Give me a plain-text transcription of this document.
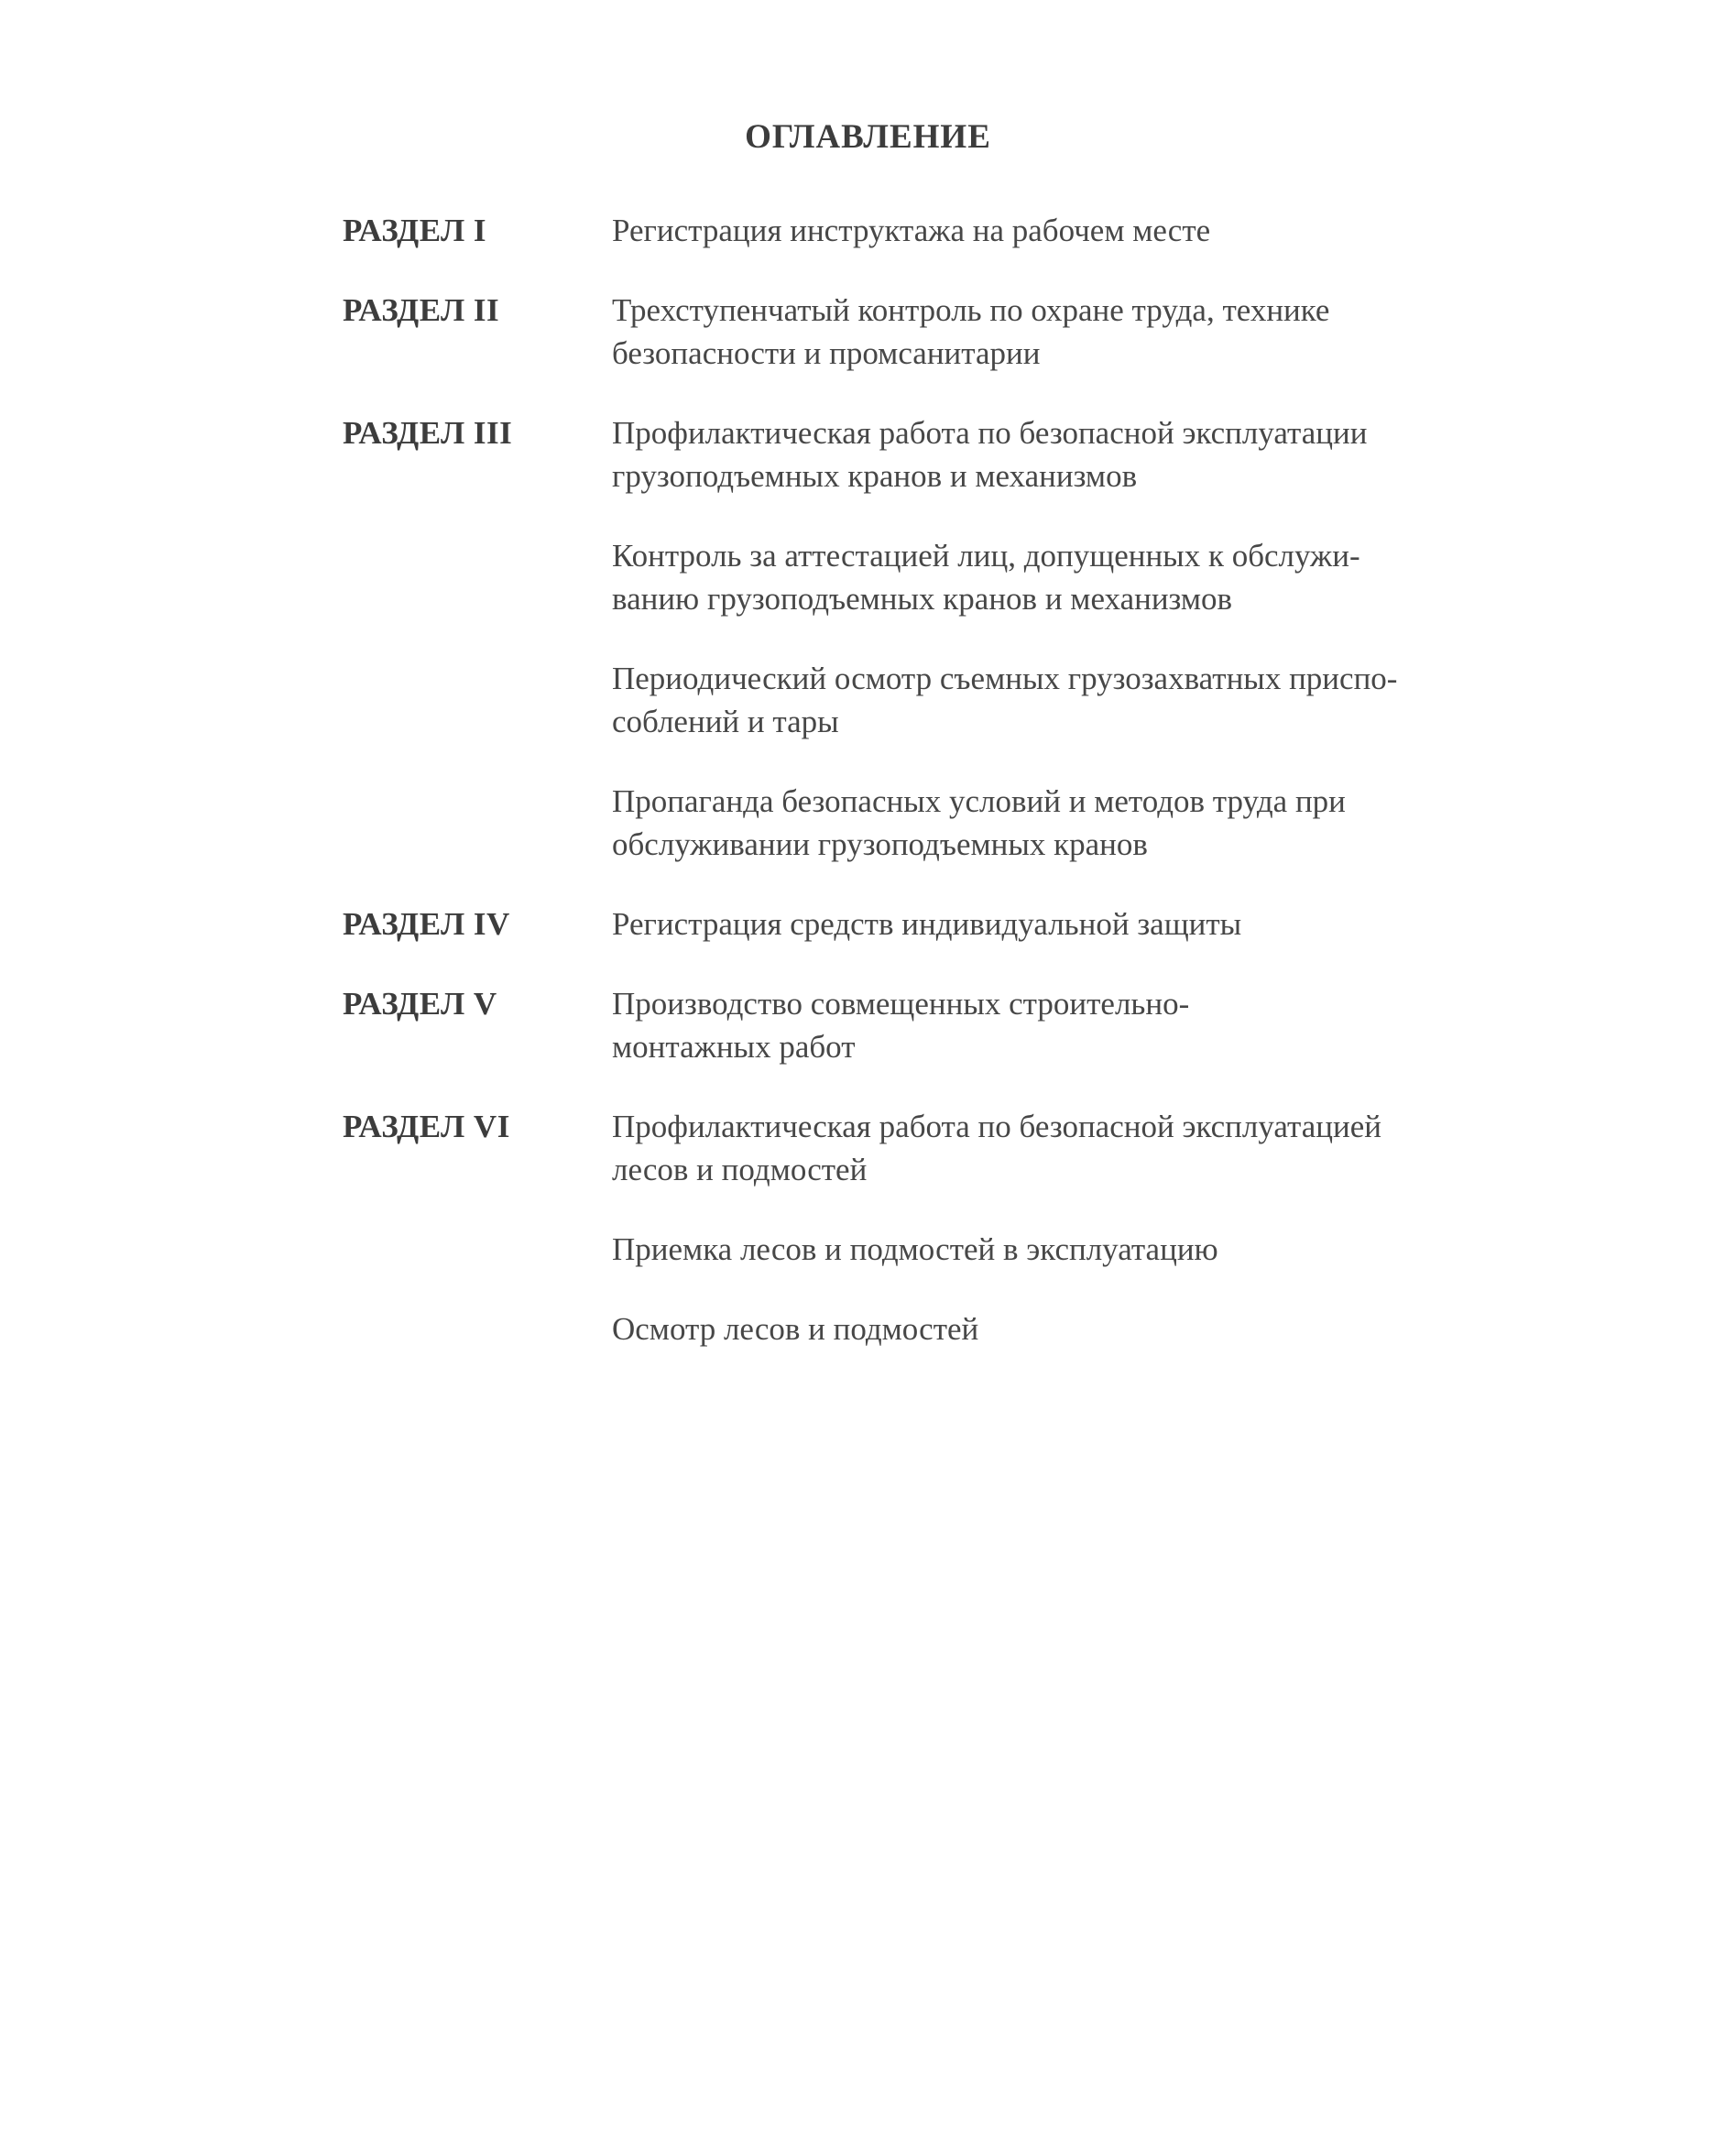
ОГЛАВЛЕНИЕ
РАЗДЕЛ I	Регистрация инструктажа на рабочем месте
РАЗДЕЛ II	Трехступенчатый контроль по охране труда, технике
безопасности и промсанитарии
РАЗДЕЛ III	Профилактическая работа по безопасной эксплуатации
грузоподъемных кранов и механизмов
Контроль за аттестацией лиц, допущенных к обслужи-
ванию грузоподъемных кранов и механизмов
Периодический осмотр съемных грузозахватных приспо-
соблений и тары
Пропаганда безопасных условий и методов труда при
обслуживании грузоподъемных кранов
РАЗДЕЛ IV	Регистрация средств индивидуальной защиты
РАЗДЕЛ V	Производство совмещенных строительно-
монтажных работ
РАЗДЕЛ VI	Профилактическая работа по безопасной эксплуатацией
лесов и подмостей
Приемка лесов и подмостей в эксплуатацию
Осмотр лесов и подмостей
